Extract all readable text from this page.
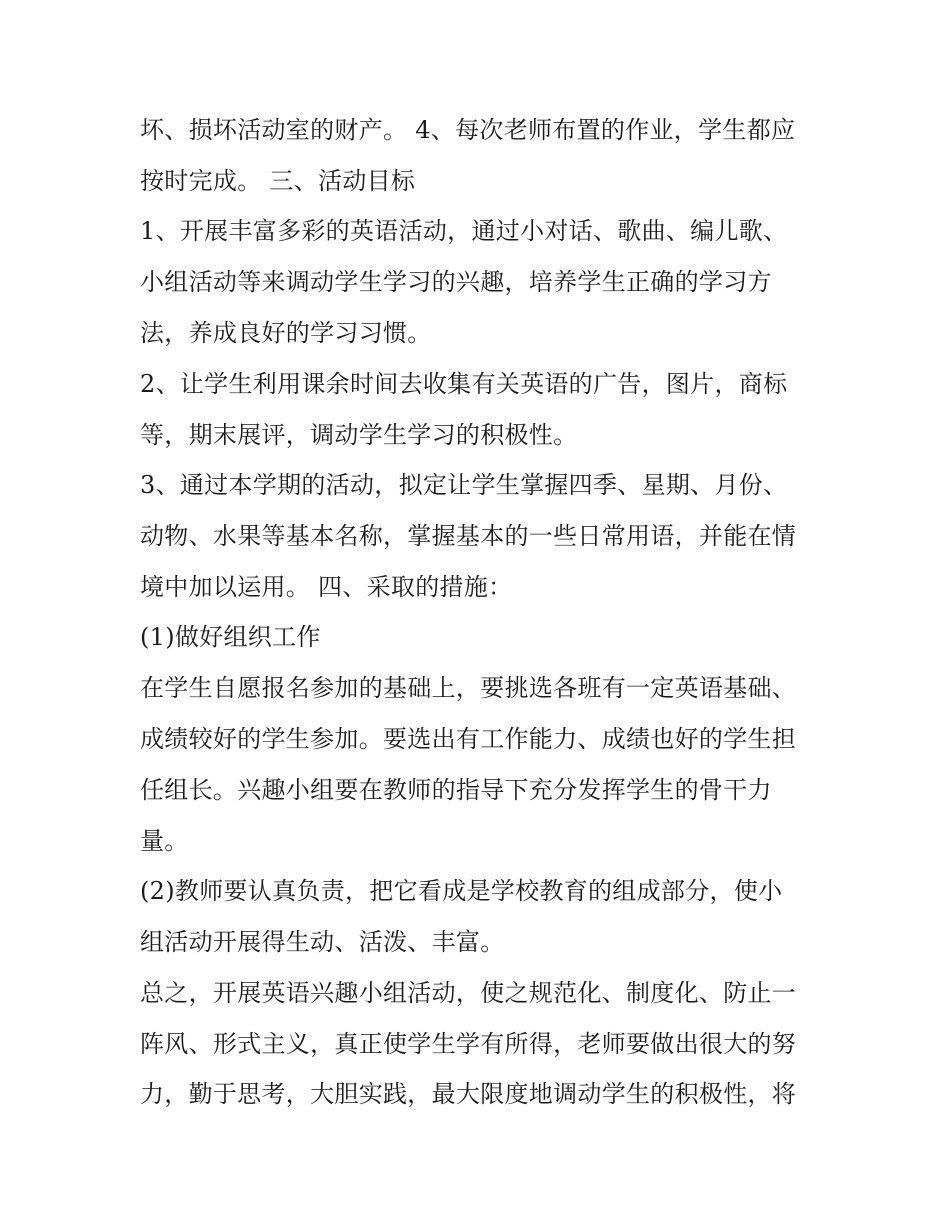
坏、损坏活动室的财产。 4、每次老师布置的作业，学生都应
按时完成。 三、活动目标
1、开展丰富多彩的英语活动，通过小对话、歌曲、编儿歌、
小组活动等来调动学生学习的兴趣，培养学生正确的学习方
法，养成良好的学习习惯。
2、让学生利用课余时间去收集有关英语的广告，图片，商标
等，期末展评，调动学生学习的积极性。
3、通过本学期的活动，拟定让学生掌握四季、星期、月份、
动物、水果等基本名称，掌握基本的一些日常用语，并能在情
境中加以运用。 四、采取的措施：
(1)做好组织工作
在学生自愿报名参加的基础上，要挑选各班有一定英语基础、
成绩较好的学生参加。要选出有工作能力、成绩也好的学生担
任组长。兴趣小组要在教师的指导下充分发挥学生的骨干力
量。
(2)教师要认真负责，把它看成是学校教育的组成部分，使小
组活动开展得生动、活泼、丰富。
总之，开展英语兴趣小组活动，使之规范化、制度化、防止一
阵风、形式主义，真正使学生学有所得，老师要做出很大的努
力，勤于思考，大胆实践，最大限度地调动学生的积极性，将
